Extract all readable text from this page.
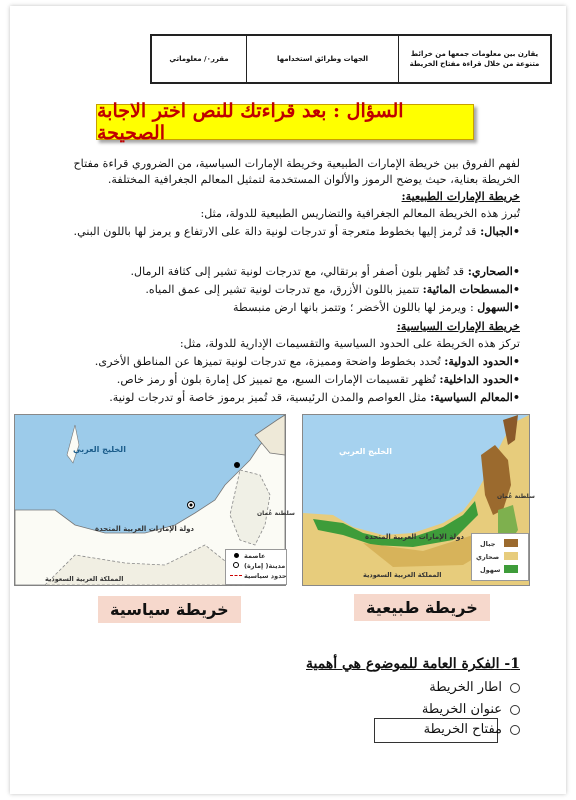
يقارن بين معلومات جمعها من خرائط متنوعة من خلال قراءة مفتاح الخريطة
الجهات وطرائق استخدامها
مقرر٠/ معلوماتي
السؤال : بعد قراءتك للنص اختر الاجابة الصحيحة
لفهم الفروق بين خريطة الإمارات الطبيعية وخريطة الإمارات السياسية، من الضروري قراءة مفتاح الخريطة بعناية، حيث يوضح الرموز والألوان المستخدمة لتمثيل المعالم الجغرافية المختلفة.
خريطة الإمارات الطبيعية:
تُبرز هذه الخريطة المعالم الجغرافية والتضاريس الطبيعية للدولة، مثل:
•الجبال: قد تُرمز إليها بخطوط متعرجة أو تدرجات لونية دالة على الارتفاع و يرمز لها باللون البني.
•الصحاري: قد تُظهر بلون أصفر أو برتقالي، مع تدرجات لونية تشير إلى كثافة الرمال.
•المسطحات المائية: تتميز باللون الأزرق، مع تدرجات لونية تشير إلى عمق المياه.
•السهول : ويرمز لها باللون الأخضر ؛ وتتمز بانها ارض منبسطة
خريطة الإمارات السياسية:
تركز هذه الخريطة على الحدود السياسية والتقسيمات الإدارية للدولة، مثل:
•الحدود الدولية: تُحدد بخطوط واضحة ومميزة، مع تدرجات لونية تميزها عن المناطق الأخرى.
•الحدود الداخلية: تُظهر تقسيمات الإمارات السبع، مع تمييز كل إمارة بلون أو رمز خاص.
•المعالم السياسية: مثل العواصم والمدن الرئيسية، قد تُميز برموز خاصة أو تدرجات لونية.
الخليج العربي
دولة الإمارات العربية المتحدة
المملكة العربية السعودية
سلطنة عُمان
عاصمة
مدينة( إمارة)
حدود سياسية
الخليج العربي
دولة الإمارات العربية المتحدة
المملكة العربية السعودية
سلطنة عُمان
جبال
صحاري
سهول
خريطة سياسية	خريطة طبيعية
1- الفكرة العامة للموضوع هي أهمية
اطار الخريطة
عنوان الخريطة
مفتاح الخريطة
